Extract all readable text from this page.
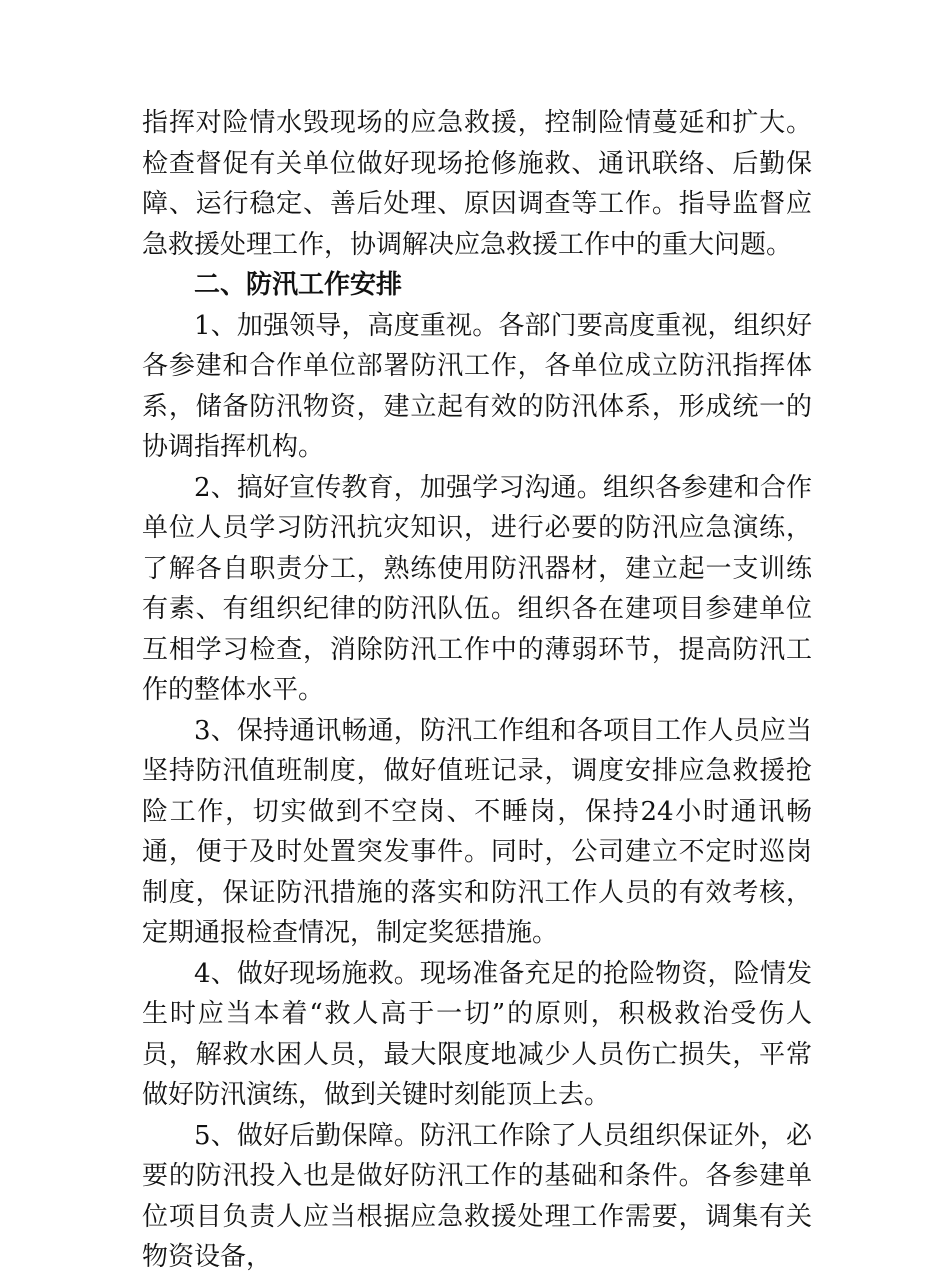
指挥对险情水毁现场的应急救援，控制险情蔓延和扩大。检查督促有关单位做好现场抢修施救、通讯联络、后勤保障、运行稳定、善后处理、原因调查等工作。指导监督应急救援处理工作，协调解决应急救援工作中的重大问题。

二、防汛工作安排

1、加强领导，高度重视。各部门要高度重视，组织好各参建和合作单位部署防汛工作，各单位成立防汛指挥体系，储备防汛物资，建立起有效的防汛体系，形成统一的协调指挥机构。

2、搞好宣传教育，加强学习沟通。组织各参建和合作单位人员学习防汛抗灾知识，进行必要的防汛应急演练，了解各自职责分工，熟练使用防汛器材，建立起一支训练有素、有组织纪律的防汛队伍。组织各在建项目参建单位互相学习检查，消除防汛工作中的薄弱环节，提高防汛工作的整体水平。

3、保持通讯畅通，防汛工作组和各项目工作人员应当坚持防汛值班制度，做好值班记录，调度安排应急救援抢险工作，切实做到不空岗、不睡岗，保持24小时通讯畅通，便于及时处置突发事件。同时，公司建立不定时巡岗制度，保证防汛措施的落实和防汛工作人员的有效考核，定期通报检查情况，制定奖惩措施。

4、做好现场施救。现场准备充足的抢险物资，险情发生时应当本着“救人高于一切”的原则，积极救治受伤人员，解救水困人员，最大限度地减少人员伤亡损失，平常做好防汛演练，做到关键时刻能顶上去。

5、做好后勤保障。防汛工作除了人员组织保证外，必要的防汛投入也是做好防汛工作的基础和条件。各参建单位项目负责人应当根据应急救援处理工作需要，调集有关物资设备，
